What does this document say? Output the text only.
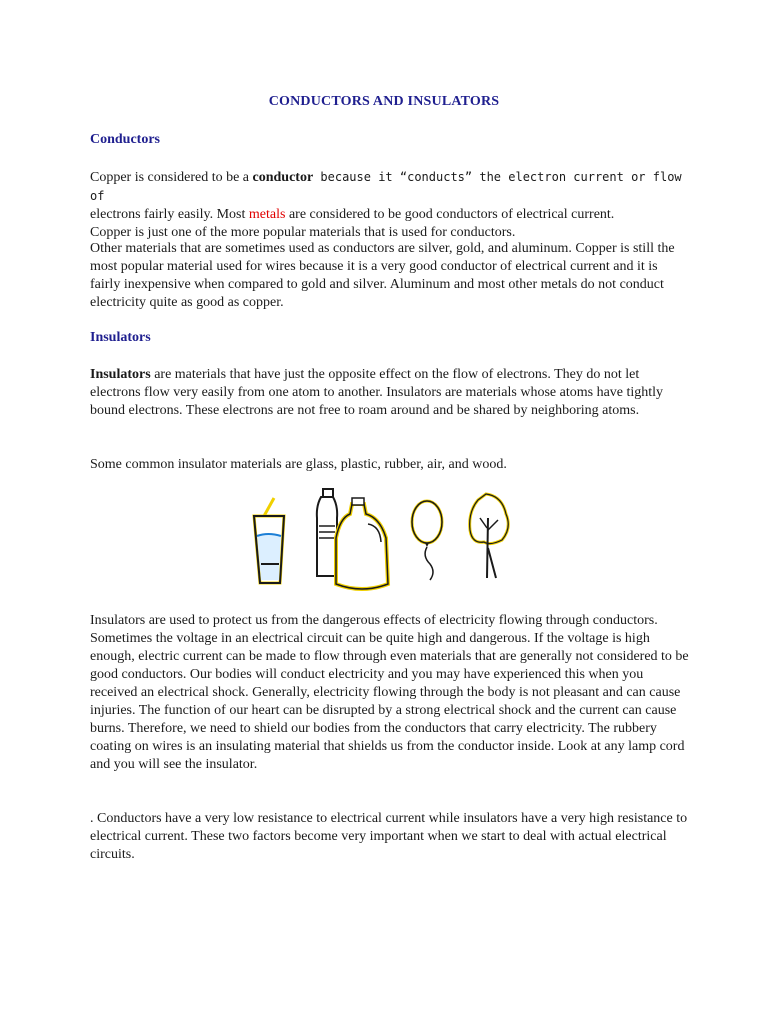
CONDUCTORS AND INSULATORS
Conductors

Copper is considered to be a conductor because it “conducts” the electron current or flow of
electrons fairly easily. Most metals are considered to be good conductors of electrical current.
Copper is just one of the more popular materials that is used for conductors.

Other materials that are sometimes used as conductors are silver, gold, and aluminum. Copper is still the most popular material used for wires because it is a very good conductor of electrical current and it is fairly inexpensive when compared to gold and silver. Aluminum and most other metals do not conduct electricity quite as good as copper.

Insulators

Insulators are materials that have just the opposite effect on the flow of electrons. They do not let electrons flow very easily from one atom to another. Insulators are materials whose atoms have tightly bound electrons. These electrons are not free to roam around and be shared by neighboring atoms.

Some common insulator materials are glass, plastic, rubber, air, and wood.

Insulators are used to protect us from the dangerous effects of electricity flowing through conductors. Sometimes the voltage in an electrical circuit can be quite high and dangerous. If the voltage is high enough, electric current can be made to flow through even materials that are generally not considered to be good conductors. Our bodies will conduct electricity and you may have experienced this when you received an electrical shock. Generally, electricity flowing through the body is not pleasant and can cause injuries. The function of our heart can be disrupted by a strong electrical shock and the current can cause burns. Therefore, we need to shield our bodies from the conductors that carry electricity. The rubbery coating on wires is an insulating material that shields us from the conductor inside. Look at any lamp cord and you will see the insulator.

. Conductors have a very low resistance to electrical current while insulators have a very high resistance to electrical current. These two factors become very important when we start to deal with actual electrical circuits.
